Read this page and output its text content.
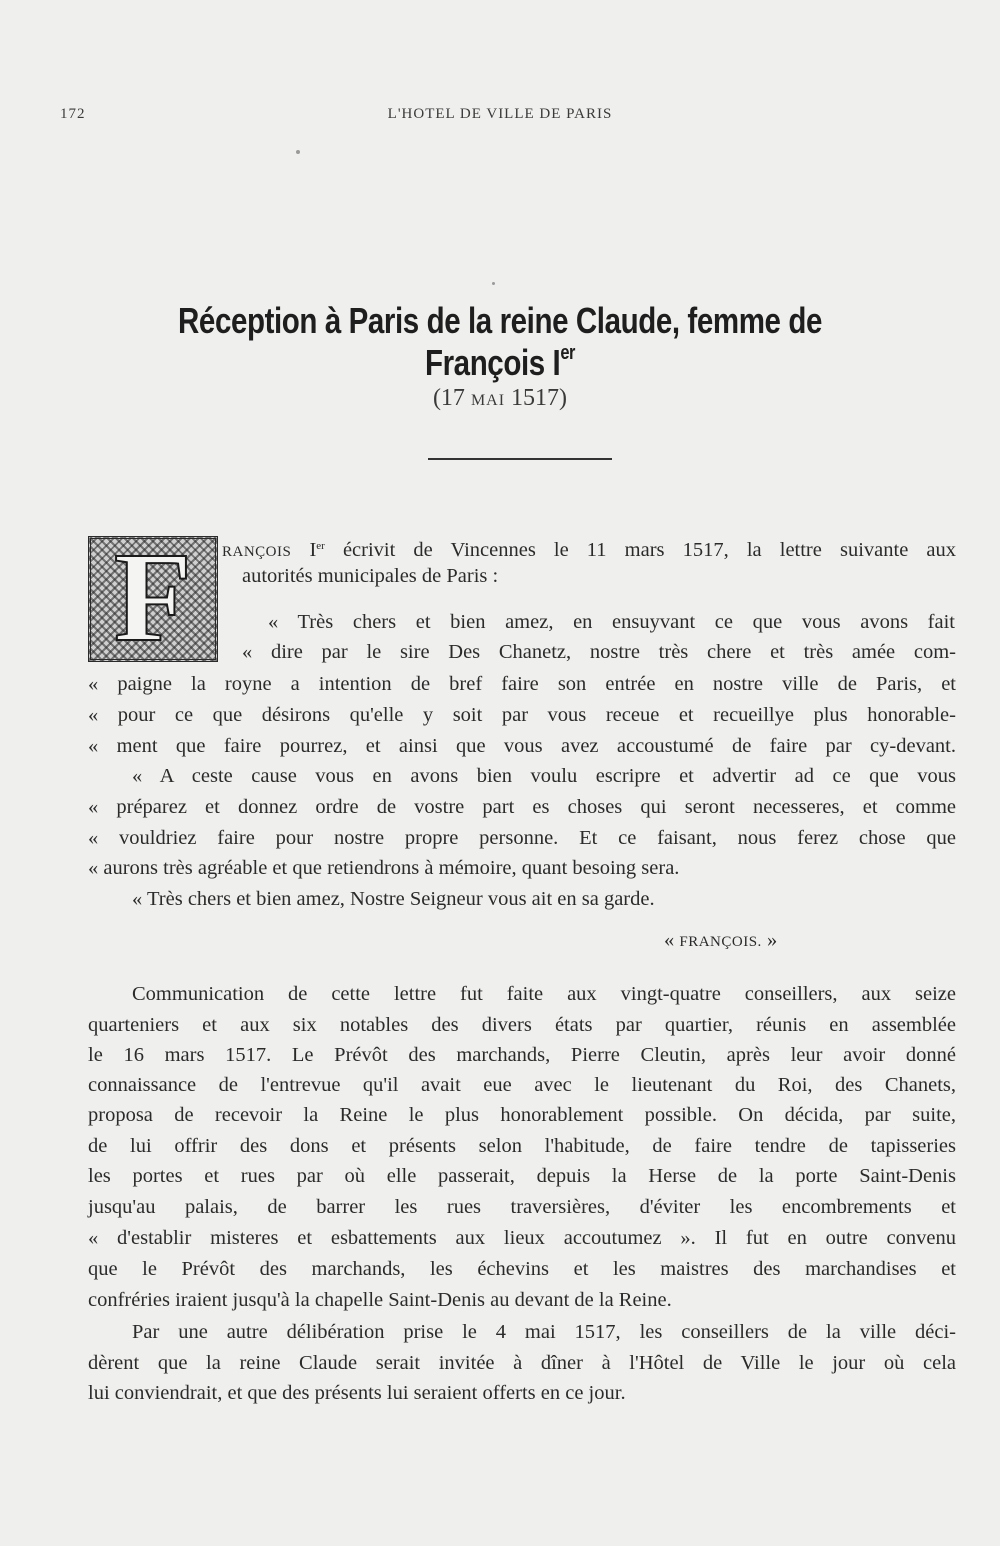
172	L'HOTEL DE VILLE DE PARIS
Réception à Paris de la reine Claude, femme de François Ier
(17 MAI 1517)
F	RANÇOIS Ier écrivit de Vincennes le 11 mars 1517, la lettre suivante aux
autorités municipales de Paris :
« Très chers et bien amez, en ensuyvant ce que vous avons fait
« dire par le sire Des Chanetz, nostre très chere et très amée com-
« paigne la royne a intention de bref faire son entrée en nostre ville de Paris, et
« pour ce que désirons qu'elle y soit par vous receue et recueillye plus honorable-
« ment que faire pourrez, et ainsi que vous avez accoustumé de faire par cy-devant.
« A ceste cause vous en avons bien voulu escripre et advertir ad ce que vous
« préparez et donnez ordre de vostre part es choses qui seront necesseres, et comme
« vouldriez faire pour nostre propre personne. Et ce faisant, nous ferez chose que
« aurons très agréable et que retiendrons à mémoire, quant besoing sera.
« Très chers et bien amez, Nostre Seigneur vous ait en sa garde.
« FRANÇOIS. »
Communication de cette lettre fut faite aux vingt-quatre conseillers, aux seize
quarteniers et aux six notables des divers états par quartier, réunis en assemblée
le 16 mars 1517. Le Prévôt des marchands, Pierre Cleutin, après leur avoir donné
connaissance de l'entrevue qu'il avait eue avec le lieutenant du Roi, des Chanets,
proposa de recevoir la Reine le plus honorablement possible. On décida, par suite,
de lui offrir des dons et présents selon l'habitude, de faire tendre de tapisseries
les portes et rues par où elle passerait, depuis la Herse de la porte Saint-Denis
jusqu'au palais, de barrer les rues traversières, d'éviter les encombrements et
« d'establir misteres et esbattements aux lieux accoutumez ». Il fut en outre convenu
que le Prévôt des marchands, les échevins et les maistres des marchandises et
confréries iraient jusqu'à la chapelle Saint-Denis au devant de la Reine.
Par une autre délibération prise le 4 mai 1517, les conseillers de la ville déci-
dèrent que la reine Claude serait invitée à dîner à l'Hôtel de Ville le jour où cela
lui conviendrait, et que des présents lui seraient offerts en ce jour.
